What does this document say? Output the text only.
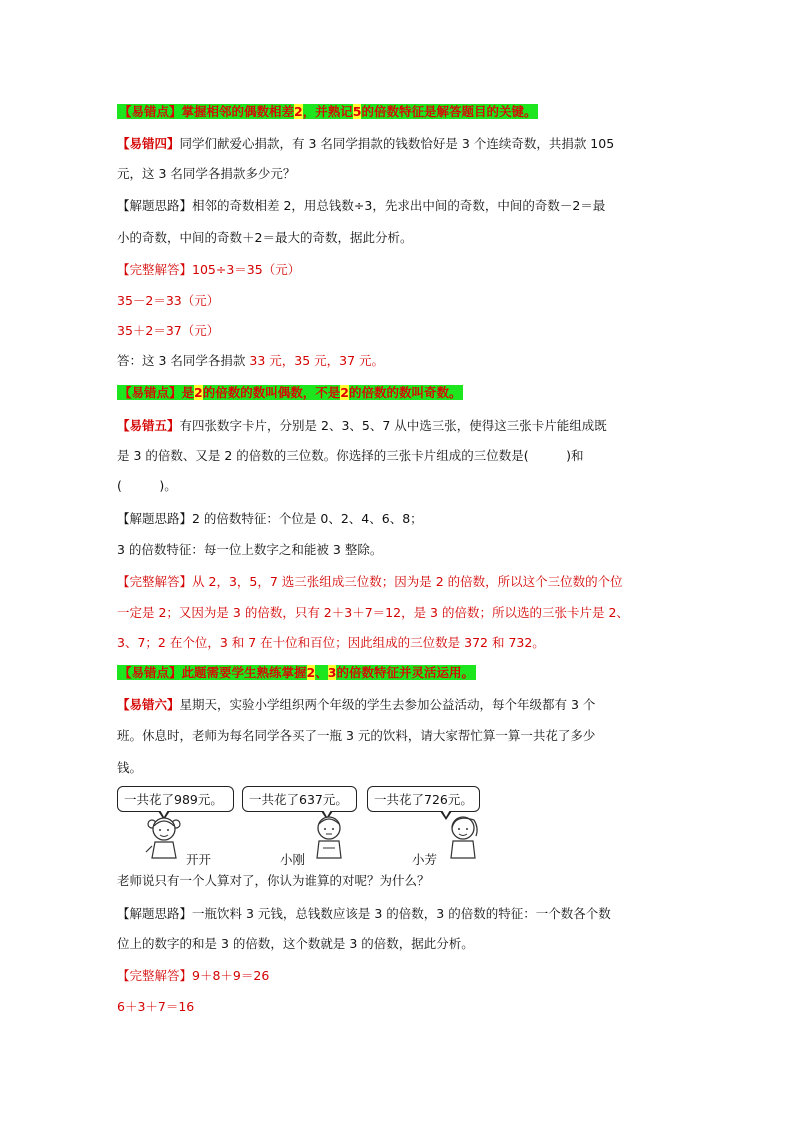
【易错点】掌握相邻的偶数相差2，并熟记5的倍数特征是解答题目的关键。
【易错四】同学们献爱心捐款，有 3 名同学捐款的钱数恰好是 3 个连续奇数，共捐款 105
元，这 3 名同学各捐款多少元？
【解题思路】相邻的奇数相差 2，用总钱数÷3，先求出中间的奇数，中间的奇数－2＝最
小的奇数，中间的奇数＋2＝最大的奇数，据此分析。
【完整解答】105÷3＝35（元）
35－2＝33（元）
35＋2＝37（元）
答：这 3 名同学各捐款 33 元，35 元，37 元。
【易错点】是2的倍数的数叫偶数，不是2的倍数的数叫奇数。
【易错五】有四张数字卡片，分别是 2、3、5、7 从中选三张，使得这三张卡片能组成既
是 3 的倍数、又是 2 的倍数的三位数。你选择的三张卡片组成的三位数是(　　　)和
(　　　)。
【解题思路】2 的倍数特征：个位是 0、2、4、6、8；
3 的倍数特征：每一位上数字之和能被 3 整除。
【完整解答】从 2，3，5，7 选三张组成三位数；因为是 2 的倍数，所以这个三位数的个位
一定是 2；又因为是 3 的倍数，只有 2＋3＋7＝12，是 3 的倍数；所以选的三张卡片是 2、
3、7；2 在个位，3 和 7 在十位和百位；因此组成的三位数是 372 和 732。
【易错点】此题需要学生熟练掌握2、3的倍数特征并灵活运用。
【易错六】星期天，实验小学组织两个年级的学生去参加公益活动，每个年级都有 3 个
班。休息时，老师为每名同学各买了一瓶 3 元的饮料，请大家帮忙算一算一共花了多少
钱。
一共花了989元。	一共花了637元。	一共花了726元。
开开	小刚	小芳
老师说只有一个人算对了，你认为谁算的对呢？为什么？
【解题思路】一瓶饮料 3 元钱，总钱数应该是 3 的倍数，3 的倍数的特征：一个数各个数
位上的数字的和是 3 的倍数，这个数就是 3 的倍数，据此分析。
【完整解答】9＋8＋9＝26
6＋3＋7＝16
